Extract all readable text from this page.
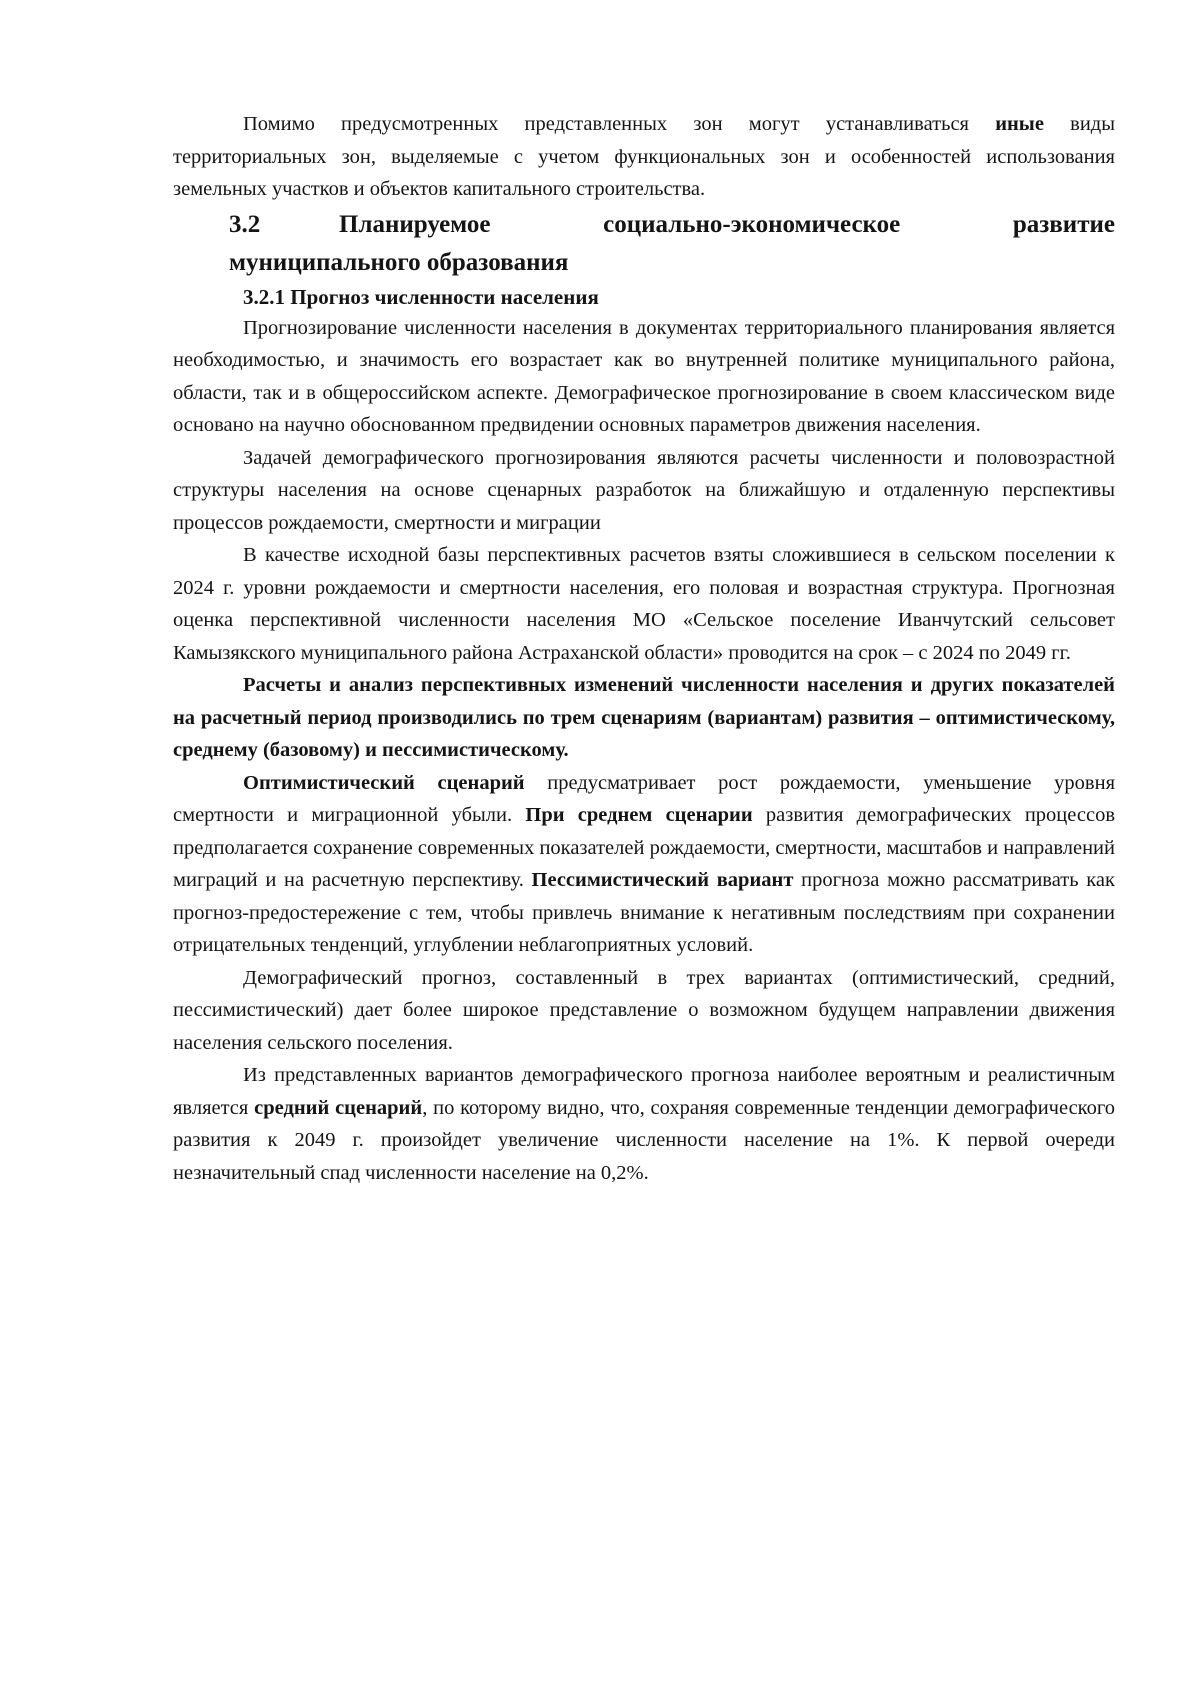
Помимо предусмотренных представленных зон могут устанавливаться иные виды территориальных зон, выделяемые с учетом функциональных зон и особенностей использования земельных участков и объектов капитального строительства.

3.2	Планируемое	социально-экономическое	развитие
муниципального образования
3.2.1 Прогноз численности населения

Прогнозирование численности населения в документах территориального планирования является необходимостью, и значимость его возрастает как во внутренней политике муниципального района, области, так и в общероссийском аспекте. Демографическое прогнозирование в своем классическом виде основано на научно обоснованном предвидении основных параметров движения населения.

Задачей демографического прогнозирования являются расчеты численности и половозрастной структуры населения на основе сценарных разработок на ближайшую и отдаленную перспективы процессов рождаемости, смертности и миграции

В качестве исходной базы перспективных расчетов взяты сложившиеся в сельском поселении к 2024 г. уровни рождаемости и смертности населения, его половая и возрастная структура. Прогнозная оценка перспективной численности населения МО «Сельское поселение Иванчутский сельсовет Камызякского муниципального района Астраханской области» проводится на срок – с 2024 по 2049 гг.

Расчеты и анализ перспективных изменений численности населения и других показателей на расчетный период производились по трем сценариям (вариантам) развития – оптимистическому, среднему (базовому) и пессимистическому.

Оптимистический сценарий предусматривает рост рождаемости, уменьшение уровня смертности и миграционной убыли. При среднем сценарии развития демографических процессов предполагается сохранение современных показателей рождаемости, смертности, масштабов и направлений миграций и на расчетную перспективу. Пессимистический вариант прогноза можно рассматривать как прогноз-предостережение с тем, чтобы привлечь внимание к негативным последствиям при сохранении отрицательных тенденций, углублении неблагоприятных условий.

Демографический прогноз, составленный в трех вариантах (оптимистический, средний, пессимистический) дает более широкое представление о возможном будущем направлении движения населения сельского поселения.

Из представленных вариантов демографического прогноза наиболее вероятным и реалистичным является средний сценарий, по которому видно, что, сохраняя современные тенденции демографического развития к 2049 г. произойдет увеличение численности население на 1%. К первой очереди незначительный спад численности население на 0,2%.
